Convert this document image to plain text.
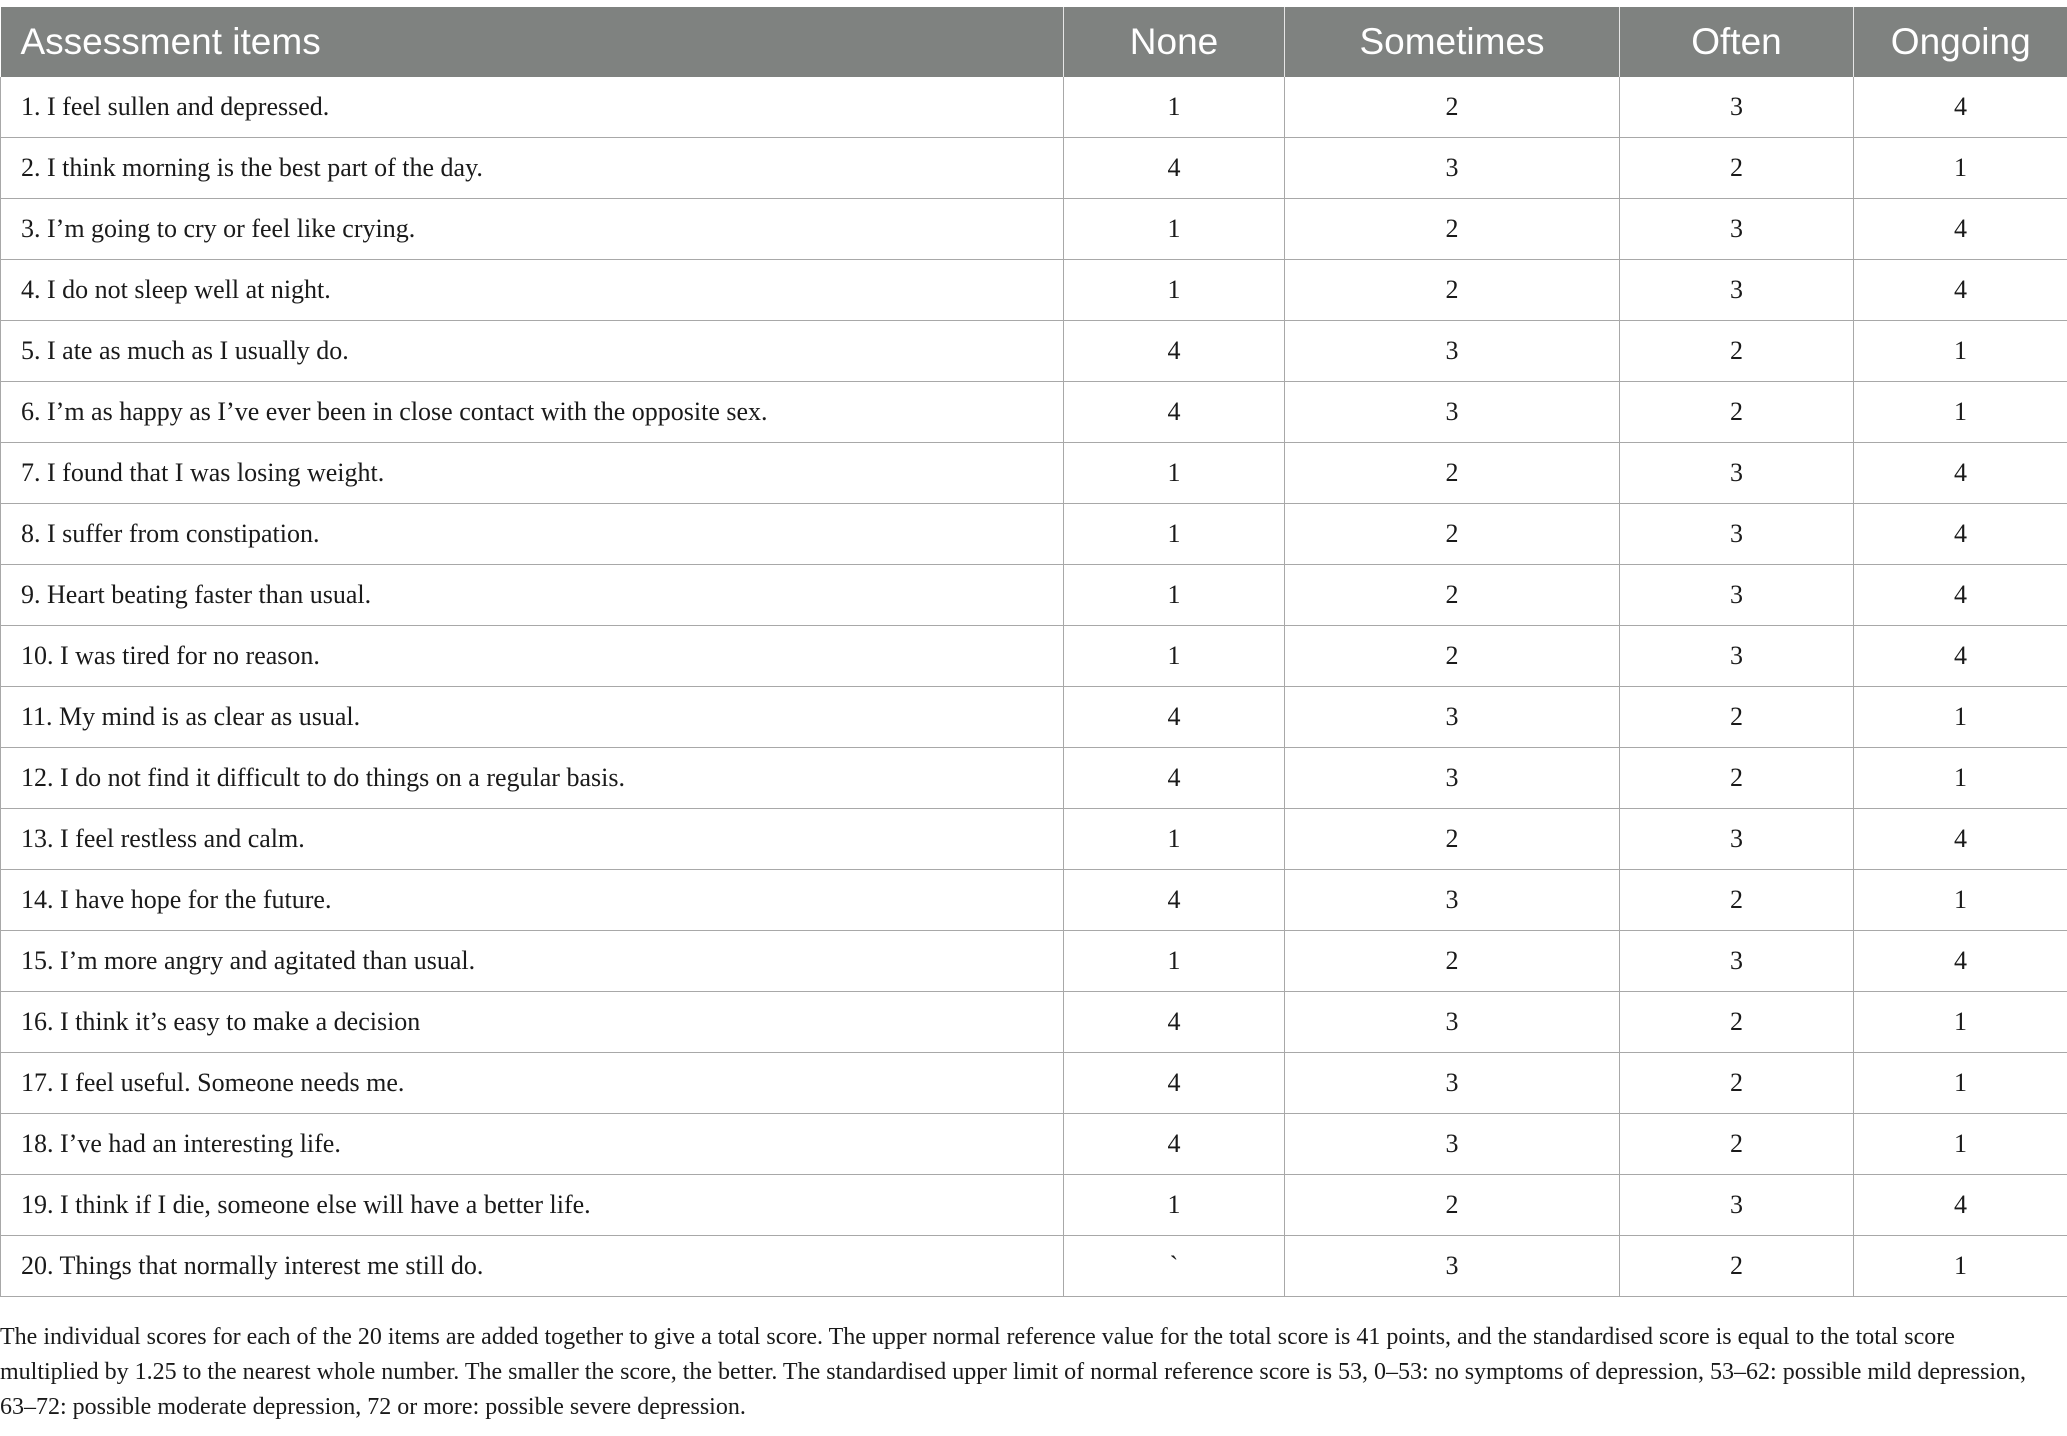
Assessment items	None	Sometimes	Often	Ongoing
1. I feel sullen and depressed.	1	2	3	4
2. I think morning is the best part of the day.	4	3	2	1
3. I’m going to cry or feel like crying.	1	2	3	4
4. I do not sleep well at night.	1	2	3	4
5. I ate as much as I usually do.	4	3	2	1
6. I’m as happy as I’ve ever been in close contact with the opposite sex.	4	3	2	1
7. I found that I was losing weight.	1	2	3	4
8. I suffer from constipation.	1	2	3	4
9. Heart beating faster than usual.	1	2	3	4
10. I was tired for no reason.	1	2	3	4
11. My mind is as clear as usual.	4	3	2	1
12. I do not find it difficult to do things on a regular basis.	4	3	2	1
13. I feel restless and calm.	1	2	3	4
14. I have hope for the future.	4	3	2	1
15. I’m more angry and agitated than usual.	1	2	3	4
16. I think it’s easy to make a decision	4	3	2	1
17. I feel useful. Someone needs me.	4	3	2	1
18. I’ve had an interesting life.	4	3	2	1
19. I think if I die, someone else will have a better life.	1	2	3	4
20. Things that normally interest me still do.	`	3	2	1

The individual scores for each of the 20 items are added together to give a total score. The upper normal reference value for the total score is 41 points, and the standardised score is equal to the total score multiplied by 1.25 to the nearest whole number. The smaller the score, the better. The standardised upper limit of normal reference score is 53, 0–53: no symptoms of depression, 53–62: possible mild depression, 63–72: possible moderate depression, 72 or more: possible severe depression.
